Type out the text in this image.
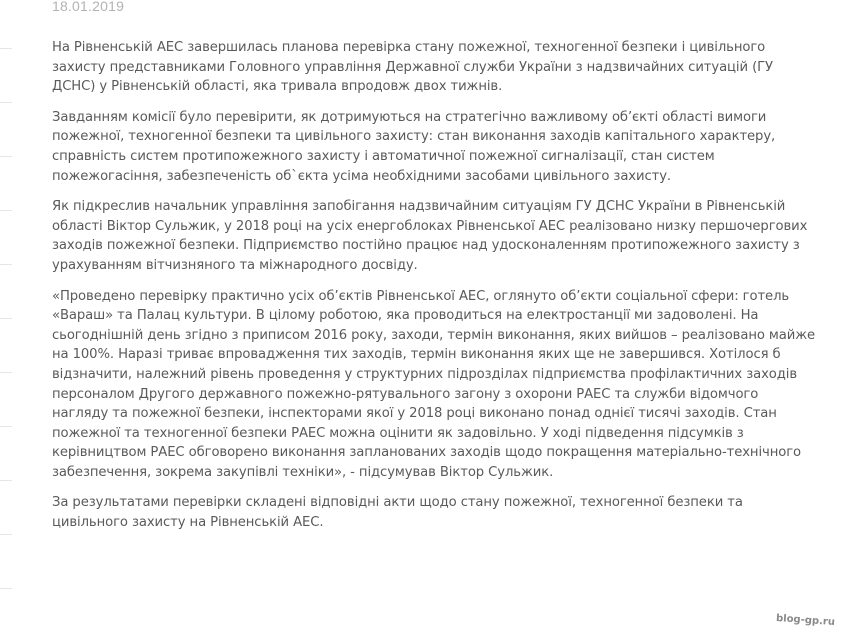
18.01.2019

На Рівненській АЕС завершилась планова перевірка стану пожежної, техногенної безпеки і цивільного захисту представниками Головного управління Державної служби України з надзвичайних ситуацій (ГУ ДСНС) у Рівненській області, яка тривала впродовж двох тижнів.

Завданням комісії було перевірити, як дотримуються на стратегічно важливому об’єкті області вимоги пожежної, техногенної безпеки та цивільного захисту: стан виконання заходів капітального характеру, справність систем протипожежного захисту і автоматичної пожежної сигналізації, стан систем пожежогасіння, забезпеченість об`єкта усіма необхідними засобами цивільного захисту.

Як підкреслив начальник управління запобігання надзвичайним ситуаціям ГУ ДСНС України в Рівненській області Віктор Сульжик, у 2018 році на усіх енергоблоках Рівненської АЕС реалізовано низку першочергових заходів пожежної безпеки. Підприємство постійно працює над удосконаленням протипожежного захисту з урахуванням вітчизняного та міжнародного досвіду.

«Проведено перевірку практично усіх об’єктів Рівненської АЕС, оглянуто об’єкти соціальної сфери: готель «Вараш» та Палац культури. В цілому роботою, яка проводиться на електростанції ми задоволені. На сьогоднішній день згідно з приписом 2016 року, заходи, термін виконання, яких вийшов – реалізовано майже на 100%. Наразі триває впровадження тих заходів, термін виконання яких ще не завершився. Хотілося б відзначити, належний рівень проведення у структурних підрозділах підприємства профілактичних заходів персоналом Другого державного пожежно-рятувального загону з охорони РАЕС та служби відомчого нагляду та пожежної безпеки, інспекторами якої у 2018 році виконано понад однієї тисячі заходів. Стан пожежної та техногенної безпеки РАЕС можна оцінити як задовільно. У ході підведення підсумків з керівництвом РАЕС обговорено виконання запланованих заходів щодо покращення матеріально-технічного забезпечення, зокрема закупівлі техніки», - підсумував Віктор Сульжик.

За результатами перевірки складені відповідні акти щодо стану пожежної, техногенної безпеки та цивільного захисту на Рівненській АЕС.

blog-gp.ru
